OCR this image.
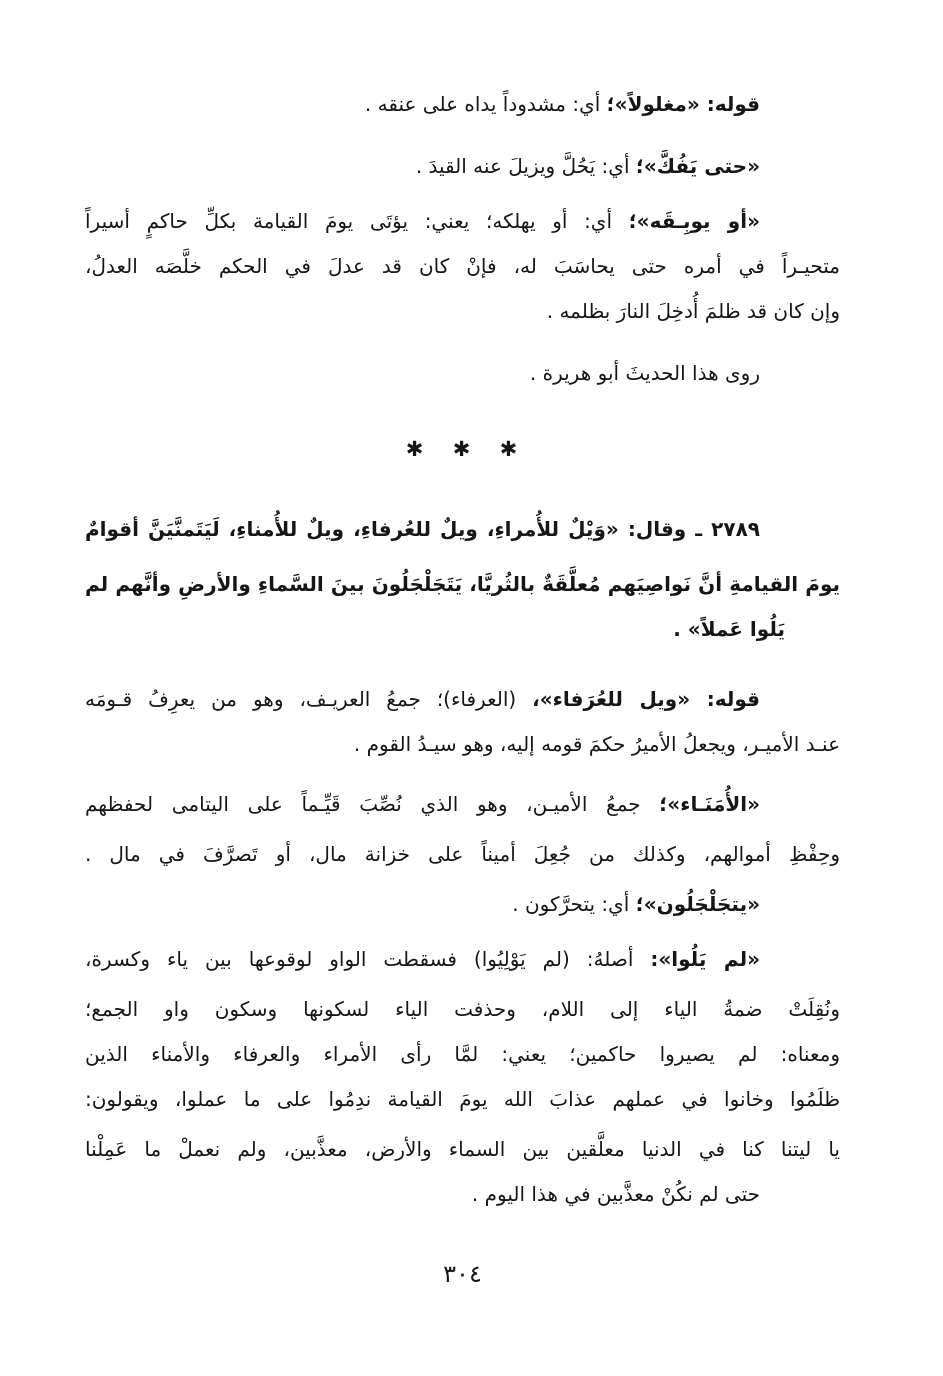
قوله: «مغلولاً»؛ أي: مشدوداً يداه على عنقه .
«حتى يَفُكَّ»؛ أي: يَحُلَّ ويزيلَ عنه القيدَ .
«أو يوبِـقَه»؛ أي: أو يهلكه؛ يعني: يؤتَى يومَ القيامة بكلِّ حاكمٍ أسيراً
متحيـراً في أمره حتى يحاسَبَ له، فإنْ كان قد عدلَ في الحكم خلَّصَه العدلُ،
وإن كان قد ظلمَ أُدخِلَ النارَ بظلمه .
روى هذا الحديثَ أبو هريرة .
✱ ✱ ✱
٢٧٨٩ ـ وقال: «وَيْلٌ للأُمراءِ، ويلٌ للعُرفاءِ، ويلٌ للأُمناءِ، لَيَتَمنَّيَنَّ أقوامٌ
يومَ القيامةِ أنَّ نَواصِيَهم مُعلَّقَةٌ بالثُريَّا، يَتَجَلْجَلُونَ بينَ السَّماءِ والأرضِ وأنَّهم لم
يَلُوا عَملاً» .
قوله: «ويل للعُرَفاء»، (العرفاء)؛ جمعُ العريـف، وهو من يعرِفُ قـومَه
عنـد الأميـر، ويجعلُ الأميرُ حكمَ قومه إليه، وهو سيـدُ القوم .
«الأُمَنَـاء»؛ جمعُ الأميـن، وهو الذي نُصِّبَ قَيِّـماً على اليتامى لحفظهم
وحِفْظِ أموالهم، وكذلك من جُعِلَ أميناً على خزانة مال، أو تَصرَّفَ في مال .
«يتجَلْجَلُون»؛ أي: يتحرَّكون .
«لم يَلُوا»: أصلهُ: (لم يَوْلِيُوا) فسقطت الواو لوقوعها بين ياء وكسرة،
ونُقِلَتْ ضمةُ الياء إلى اللام، وحذفت الياء لسكونها وسكون واو الجمع؛
ومعناه: لم يصيروا حاكمين؛ يعني: لمَّا رأى الأمراء والعرفاء والأمناء الذين
ظلَمُوا وخانوا في عملهم عذابَ الله يومَ القيامة ندِمُوا على ما عملوا، ويقولون:
يا ليتنا كنا في الدنيا معلَّقين بين السماء والأرض، معذَّبين، ولم نعملْ ما عَمِلْنا
حتى لم نكُنْ معذَّبين في هذا اليوم .
٣٠٤
